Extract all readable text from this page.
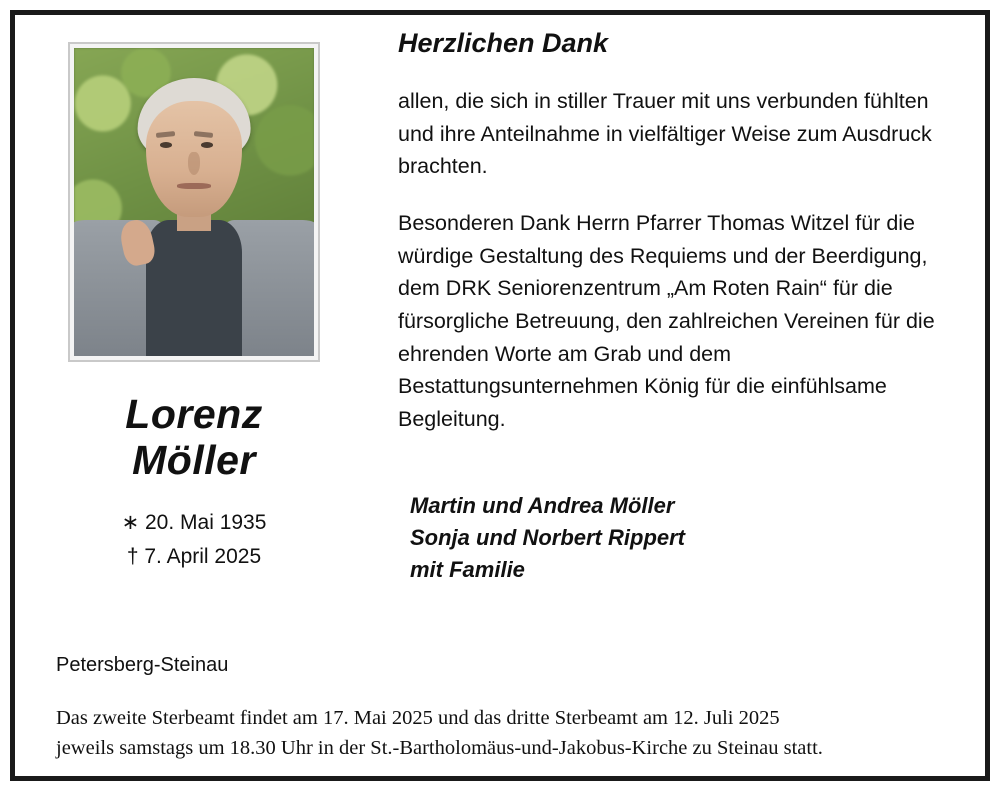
Lorenz
Möller
∗ 20. Mai 1935
† 7. April 2025
Petersberg-Steinau
Herzlichen Dank

allen, die sich in stiller Trauer mit uns verbunden fühlten und ihre Anteilnahme in vielfältiger Weise zum Ausdruck brachten.

Besonderen Dank Herrn Pfarrer Thomas Witzel für die würdige Gestaltung des Requiems und der Beerdigung, dem DRK Seniorenzentrum „Am Roten Rain“ für die fürsorgliche Betreuung, den zahlreichen Vereinen für die ehrenden Worte am Grab und dem Bestattungsunternehmen König für die einfühlsame Begleitung.

Martin und Andrea Möller
Sonja und Norbert Rippert
mit Familie
Das zweite Sterbeamt findet am 17. Mai 2025 und das dritte Sterbeamt am 12. Juli 2025
jeweils samstags um 18.30 Uhr in der St.-Bartholomäus-und-Jakobus-Kirche zu Steinau statt.
